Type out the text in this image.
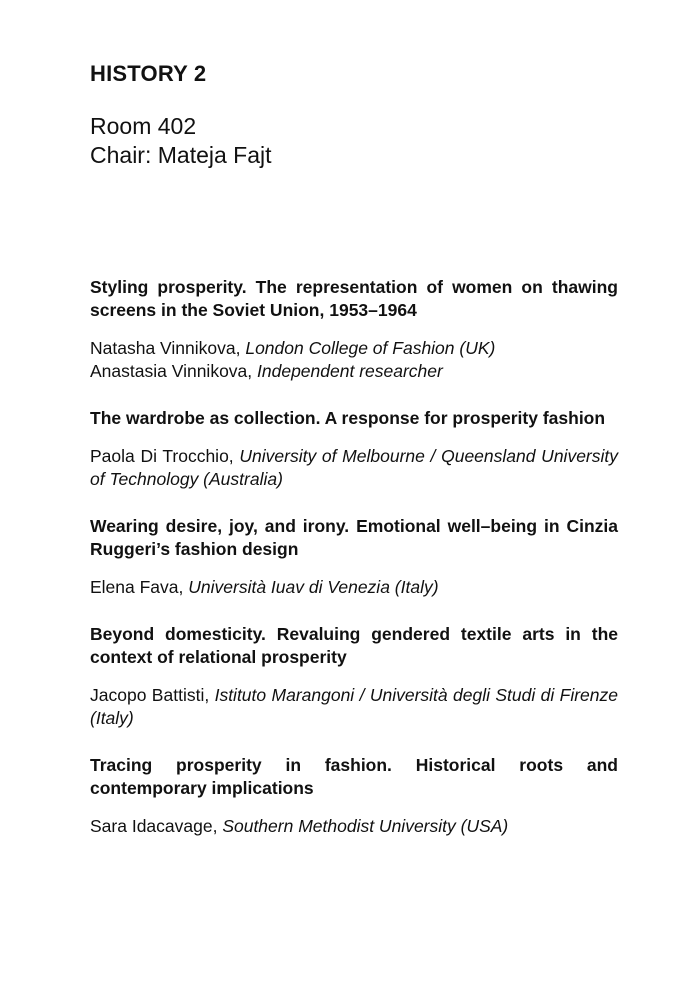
HISTORY 2
Room 402
Chair: Mateja Fajt

Styling prosperity. The representation of women on thawing screens in the Soviet Union, 1953–1964

Natasha Vinnikova, London College of Fashion (UK)
Anastasia Vinnikova, Independent researcher

The wardrobe as collection. A response for prosperity fashion

Paola Di Trocchio, University of Melbourne / Queensland University of Technology (Australia)

Wearing desire, joy, and irony. Emotional well–being in Cinzia Ruggeri’s fashion design

Elena Fava, Università Iuav di Venezia (Italy)

Beyond domesticity. Revaluing gendered textile arts in the context of relational prosperity

Jacopo Battisti, Istituto Marangoni / Università degli Studi di Firenze (Italy)

Tracing prosperity in fashion. Historical roots and contemporary implications

Sara Idacavage, Southern Methodist University (USA)
